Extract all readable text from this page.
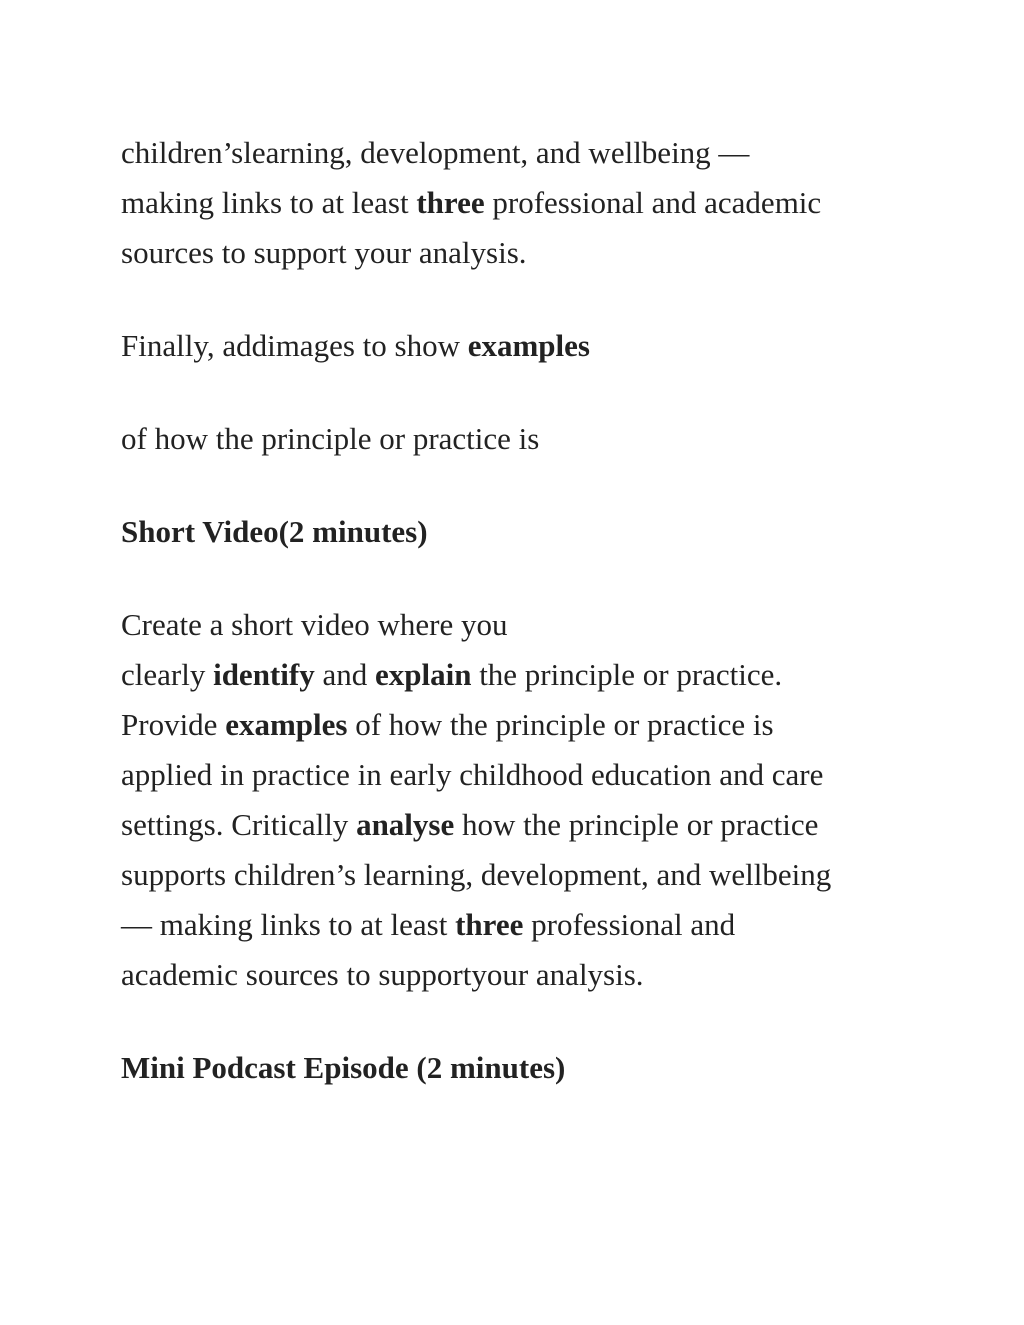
children’slearning, development, and wellbeing —

making links to at least three professional and academic

sources to support your analysis.

Finally, addimages to show examples

of how the principle or practice is

Short Video(2 minutes)

Create a short video where you

clearly identify and explain the principle or practice.

Provide examples of how the principle or practice is

applied in practice in early childhood education and care

settings. Critically analyse how the principle or practice

supports children’s learning, development, and wellbeing

— making links to at least three professional and

academic sources to supportyour analysis.

Mini Podcast Episode (2 minutes)
